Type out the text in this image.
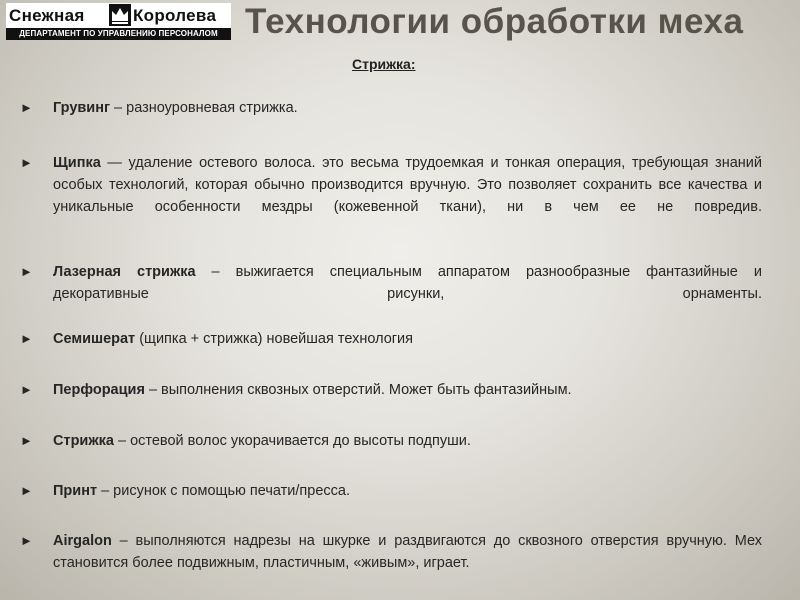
Снежная	Королева
ДЕПАРТАМЕНТ ПО УПРАВЛЕНИЮ ПЕРСОНАЛОМ Технологии обработки меха
Стрижка:
► Грувинг – разноуровневая стрижка.
► Щипка — удаление остевого волоса. это весьма трудоемкая и тонкая операция, требующая знаний особых технологий, которая обычно производится вручную. Это позволяет сохранить все качества и уникальные особенности мездры (кожевенной ткани), ни в чем ее не повредив.
► Лазерная стрижка – выжигается специальным аппаратом разнообразные фантазийные и декоративные рисунки, орнаменты.
► Семишерат (щипка + стрижка) новейшая технология
► Перфорация – выполнения сквозных отверстий. Может быть фантазийным.
► Стрижка – остевой волос укорачивается до высоты подпуши.
► Принт – рисунок с помощью печати/пресса.
► Airgalon – выполняются надрезы на шкурке и раздвигаются до сквозного отверстия вручную. Мех становится более подвижным, пластичным, «живым», играет.
